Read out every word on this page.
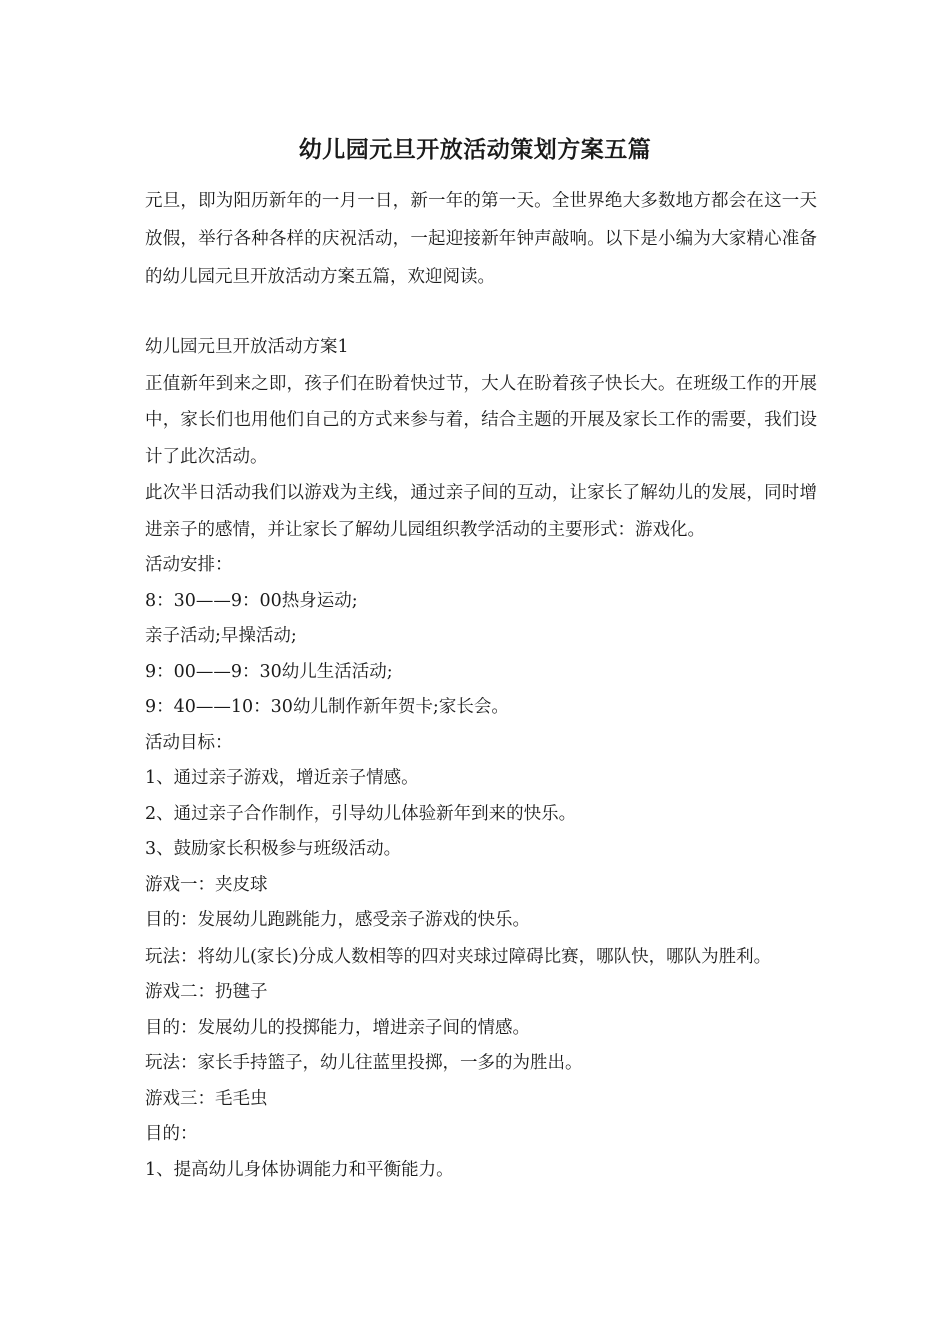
幼儿园元旦开放活动策划方案五篇

元旦，即为阳历新年的一月一日，新一年的第一天。全世界绝大多数地方都会在这一天放假，举行各种各样的庆祝活动，一起迎接新年钟声敲响。以下是小编为大家精心准备的幼儿园元旦开放活动方案五篇，欢迎阅读。

幼儿园元旦开放活动方案1

正值新年到来之即，孩子们在盼着快过节，大人在盼着孩子快长大。在班级工作的开展中，家长们也用他们自己的方式来参与着，结合主题的开展及家长工作的需要，我们设计了此次活动。

此次半日活动我们以游戏为主线，通过亲子间的互动，让家长了解幼儿的发展，同时增进亲子的感情，并让家长了解幼儿园组织教学活动的主要形式：游戏化。

活动安排：

8：30——9：00热身运动;

亲子活动;早操活动;

9：00——9：30幼儿生活活动;

9：40——10：30幼儿制作新年贺卡;家长会。

活动目标：

1、通过亲子游戏，增近亲子情感。

2、通过亲子合作制作，引导幼儿体验新年到来的快乐。

3、鼓励家长积极参与班级活动。

游戏一：夹皮球

目的：发展幼儿跑跳能力，感受亲子游戏的快乐。

玩法：将幼儿(家长)分成人数相等的四对夹球过障碍比赛，哪队快，哪队为胜利。

游戏二：扔毽子

目的：发展幼儿的投掷能力，增进亲子间的情感。

玩法：家长手持篮子，幼儿往蓝里投掷，一多的为胜出。

游戏三：毛毛虫

目的：

1、提高幼儿身体协调能力和平衡能力。
